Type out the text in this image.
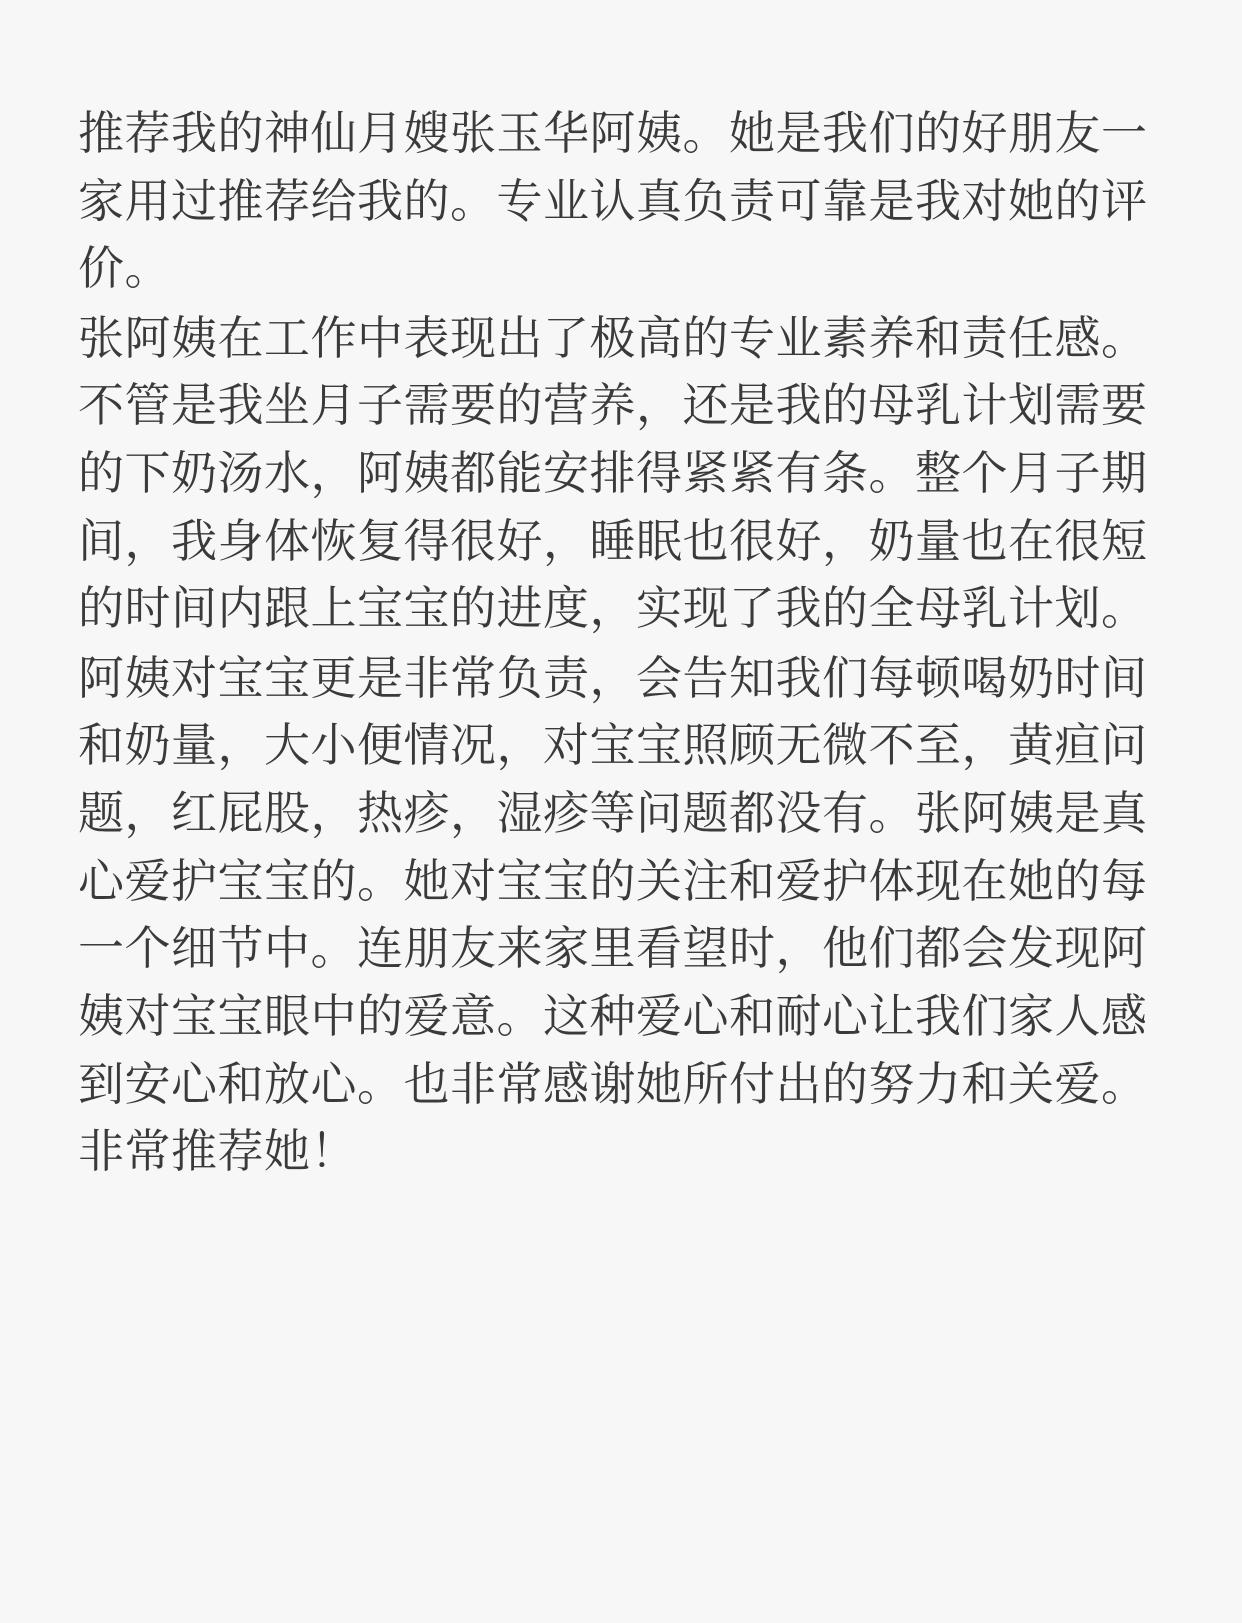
推荐我的神仙月嫂张玉华阿姨。她是我们的好朋友一家用过推荐给我的。专业认真负责可靠是我对她的评价。

张阿姨在工作中表现出了极高的专业素养和责任感。不管是我坐月子需要的营养，还是我的母乳计划需要的下奶汤水，阿姨都能安排得紧紧有条。整个月子期间，我身体恢复得很好，睡眠也很好，奶量也在很短的时间内跟上宝宝的进度，实现了我的全母乳计划。

阿姨对宝宝更是非常负责，会告知我们每顿喝奶时间和奶量，大小便情况，对宝宝照顾无微不至，黄疸问题，红屁股，热疹，湿疹等问题都没有。张阿姨是真心爱护宝宝的。她对宝宝的关注和爱护体现在她的每一个细节中。连朋友来家里看望时，他们都会发现阿姨对宝宝眼中的爱意。这种爱心和耐心让我们家人感到安心和放心。也非常感谢她所付出的努力和关爱。非常推荐她！
